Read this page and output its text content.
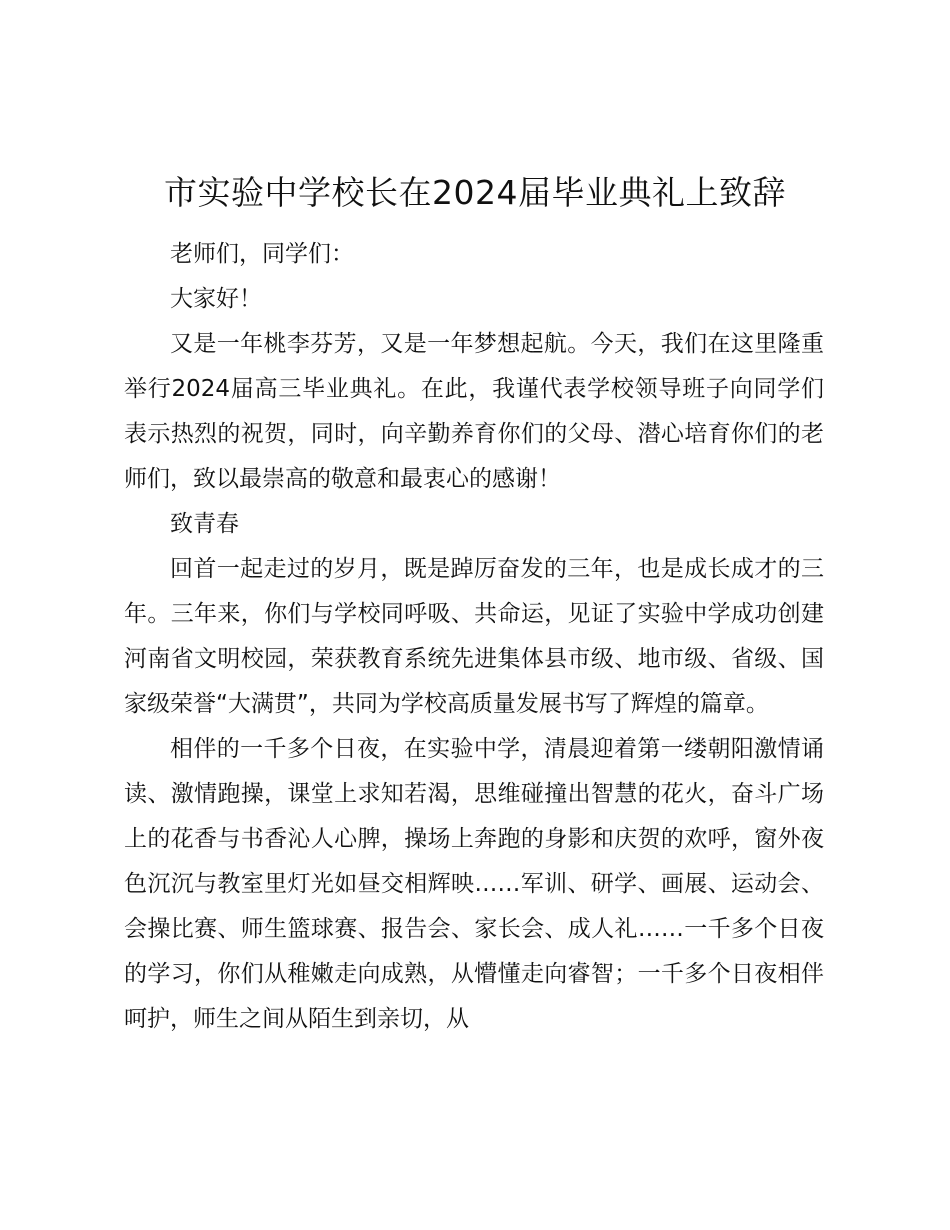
市实验中学校长在2024届毕业典礼上致辞

老师们，同学们：

大家好！

又是一年桃李芬芳，又是一年梦想起航。今天，我们在这里隆重举行2024届高三毕业典礼。在此，我谨代表学校领导班子向同学们表示热烈的祝贺，同时，向辛勤养育你们的父母、潜心培育你们的老师们，致以最崇高的敬意和最衷心的感谢！

致青春

回首一起走过的岁月，既是踔厉奋发的三年，也是成长成才的三年。三年来，你们与学校同呼吸、共命运，见证了实验中学成功创建河南省文明校园，荣获教育系统先进集体县市级、地市级、省级、国家级荣誉“大满贯”，共同为学校高质量发展书写了辉煌的篇章。

相伴的一千多个日夜，在实验中学，清晨迎着第一缕朝阳激情诵读、激情跑操，课堂上求知若渴，思维碰撞出智慧的花火，奋斗广场上的花香与书香沁人心脾，操场上奔跑的身影和庆贺的欢呼，窗外夜色沉沉与教室里灯光如昼交相辉映……军训、研学、画展、运动会、会操比赛、师生篮球赛、报告会、家长会、成人礼……一千多个日夜的学习，你们从稚嫩走向成熟，从懵懂走向睿智；一千多个日夜相伴呵护，师生之间从陌生到亲切，从
